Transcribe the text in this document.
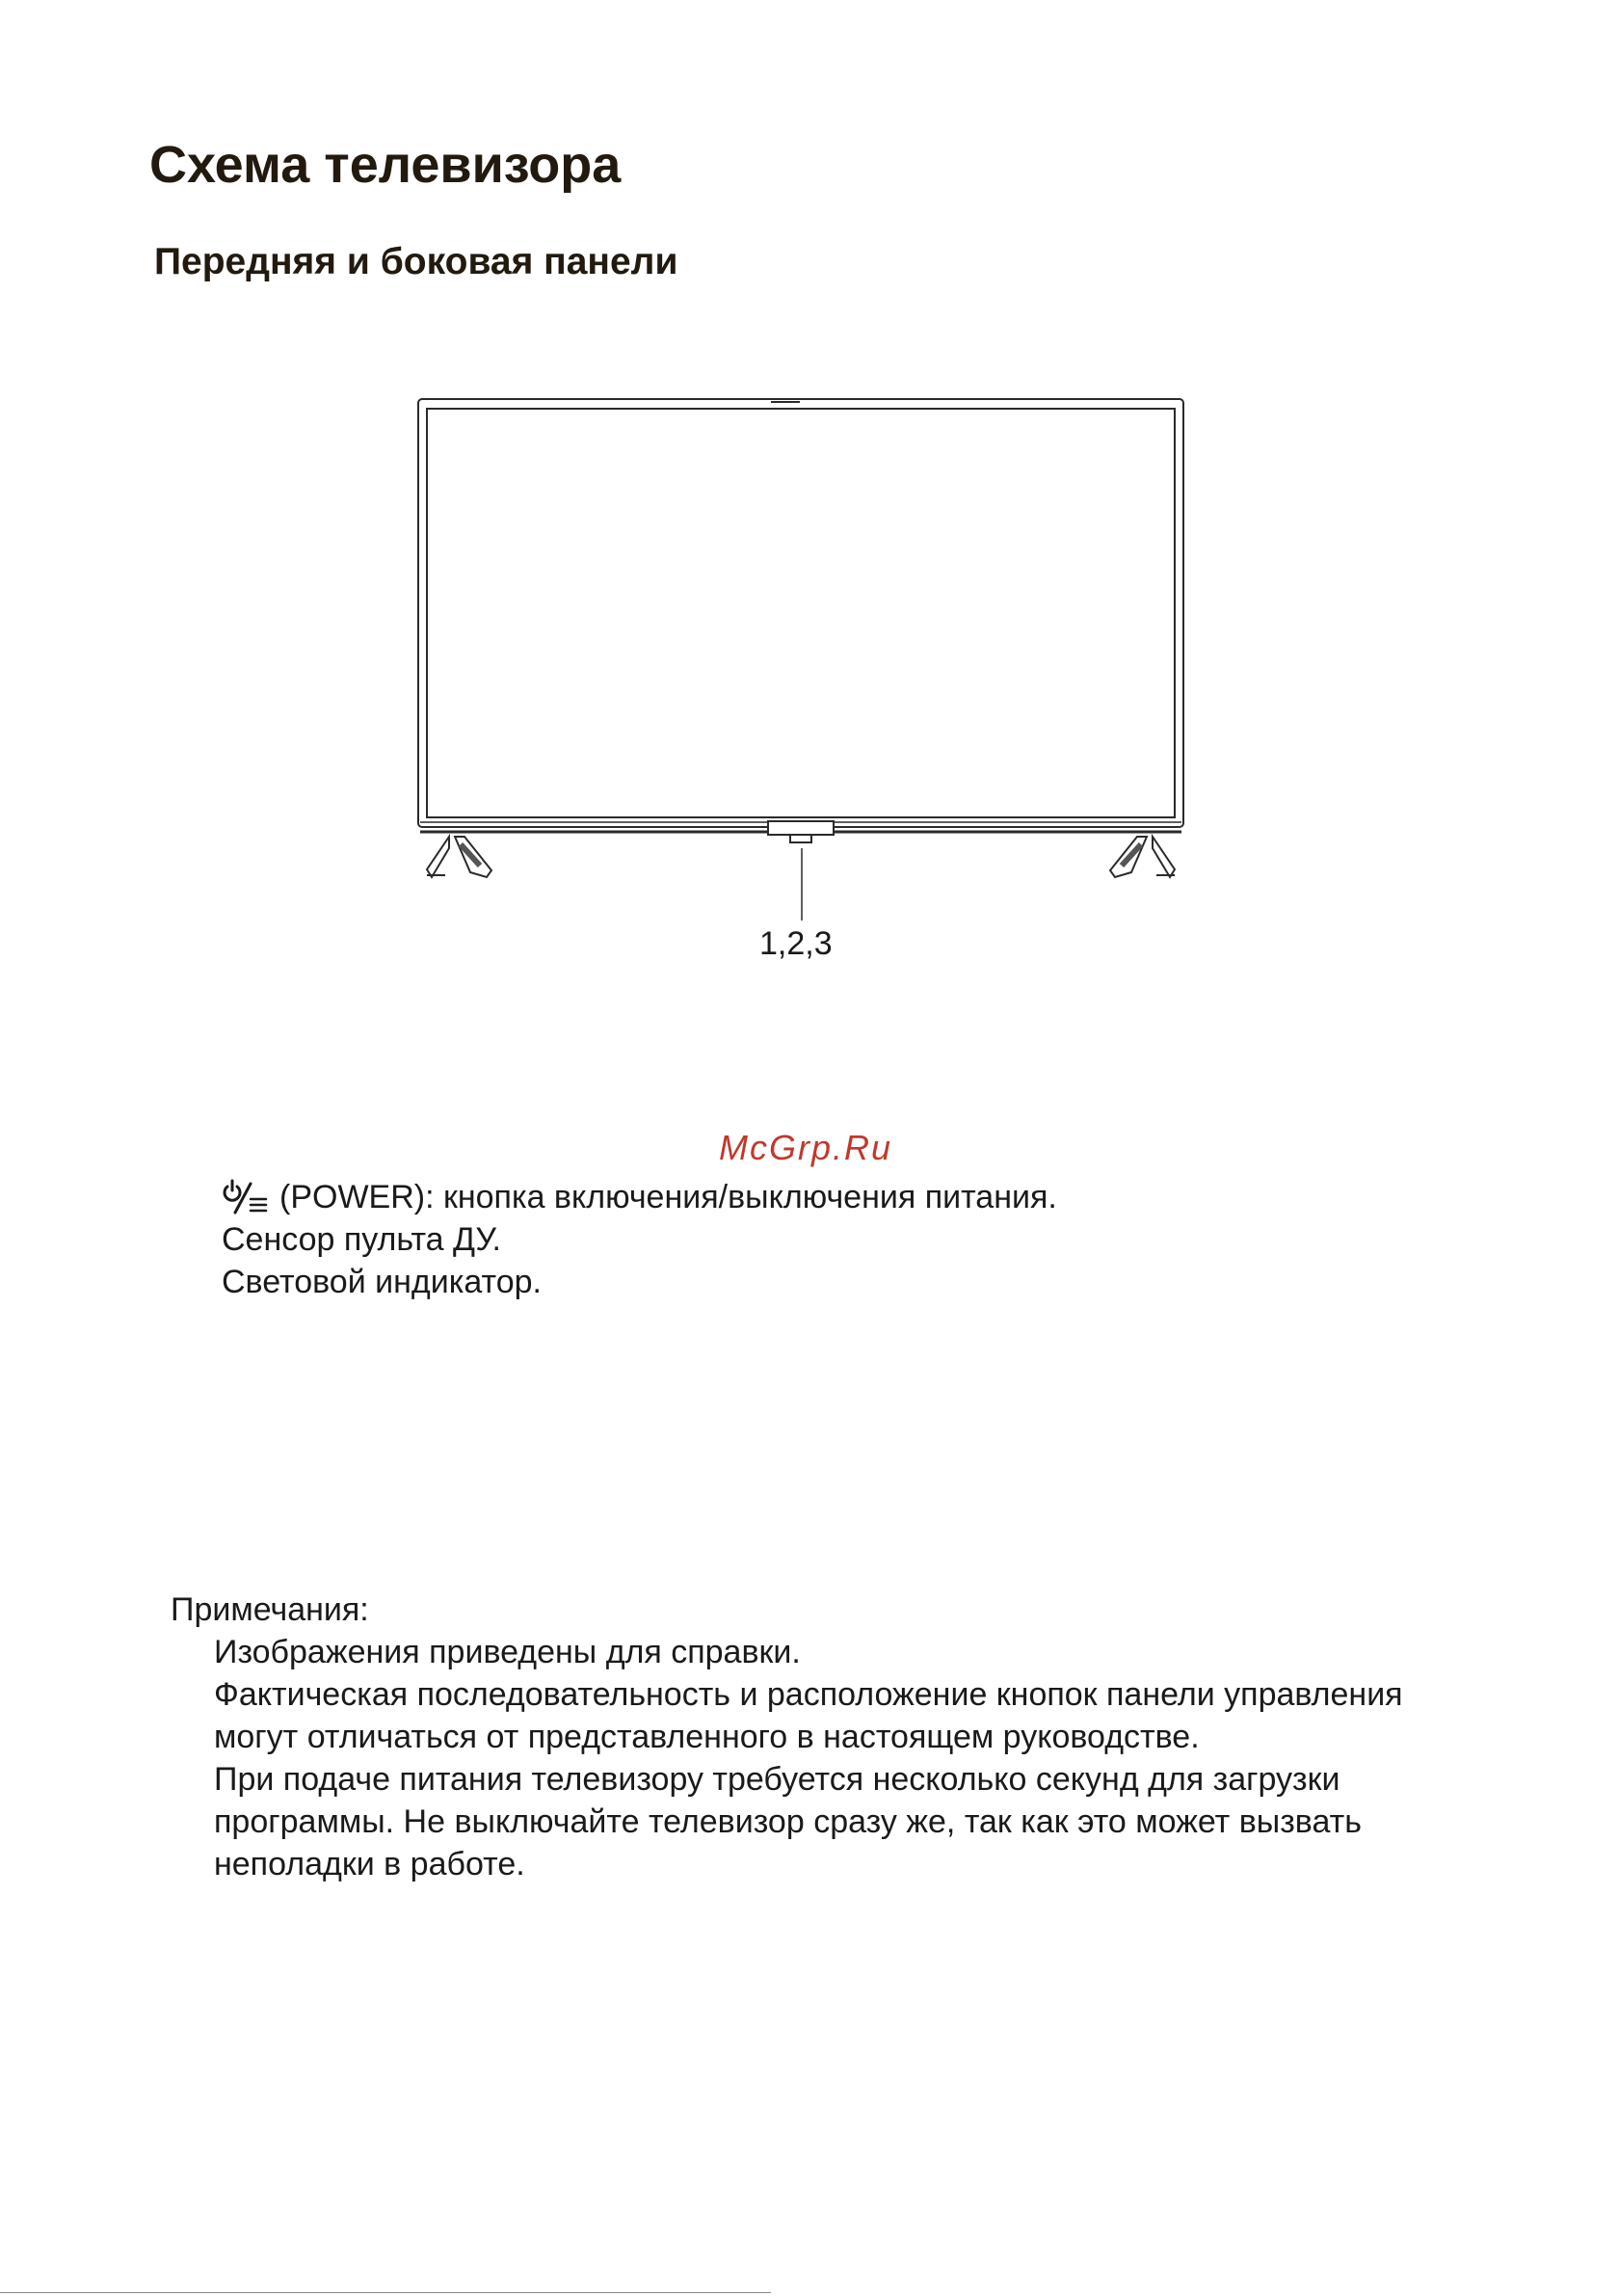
Схема телевизора
Передняя и боковая панели
1,2,3
McGrp.Ru
(POWER): кнопка включения/выключения питания.
Сенсор пульта ДУ.
Световой индикатор.
Примечания:
Изображения приведены для справки.
Фактическая последовательность и расположение кнопок панели управления могут отличаться от представленного в настоящем руководстве.
При подаче питания телевизору требуется несколько секунд для загрузки программы. Не выключайте телевизор сразу же, так как это может вызвать неполадки в работе.
